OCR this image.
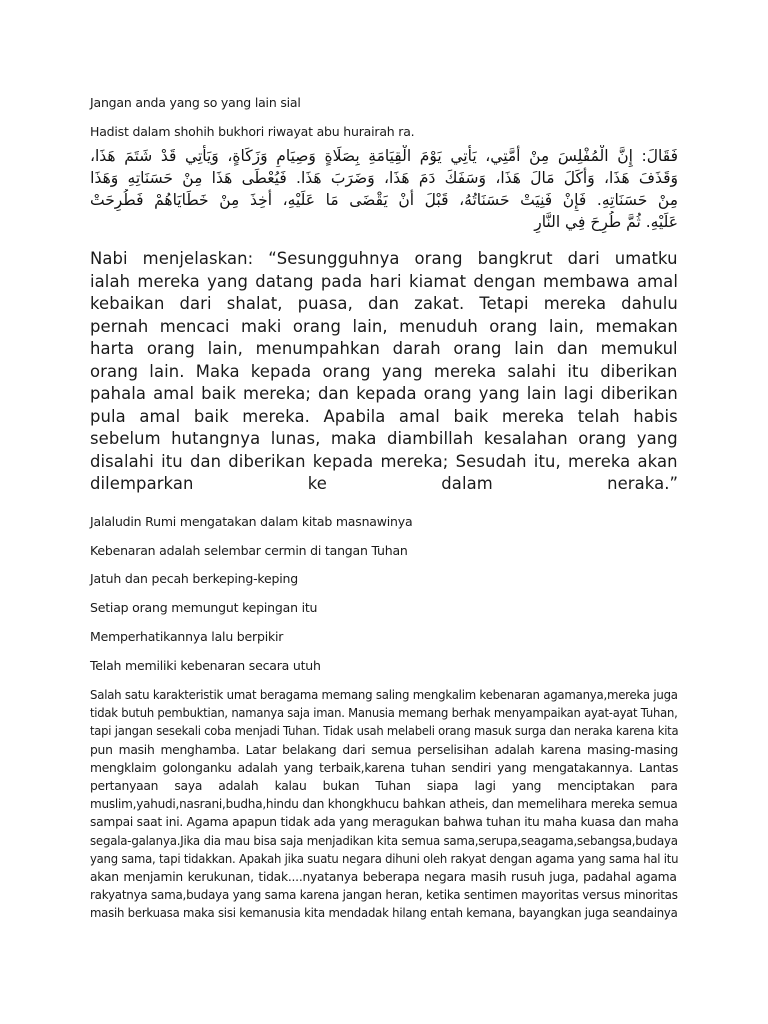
Jangan anda yang so yang lain sial
Hadist dalam shohih bukhori riwayat abu hurairah ra.
فَقَالَ: إِنَّ الْمُفْلِسَ مِنْ أُمَّتِي، يَأْتِي يَوْمَ الْقِيَامَةِ بِصَلَاةٍ وَصِيَامٍ وَزَكَاةٍ، وَيَأْتِي قَدْ شَتَمَ هَذَا،
وَقَذَفَ هَذَا، وَأَكَلَ مَالَ هَذَا، وَسَفَكَ دَمَ هَذَا، وَضَرَبَ هَذَا. فَيُعْطَى هَذَا مِنْ حَسَنَاتِهِ وَهَذَا
مِنْ حَسَنَاتِهِ. فَإِنْ فَنِيَتْ حَسَنَاتُهُ، قَبْلَ أَنْ يَقْضَى مَا عَلَيْهِ، أُخِذَ مِنْ خَطَايَاهُمْ فَطُرِحَتْ
عَلَيْهِ. ثُمَّ طُرِحَ فِي النَّارِ
Nabi menjelaskan: “Sesungguhnya orang bangkrut dari umatku
ialah mereka yang datang pada hari kiamat dengan membawa amal
kebaikan dari shalat, puasa, dan zakat. Tetapi mereka dahulu
pernah mencaci maki orang lain, menuduh orang lain, memakan
harta orang lain, menumpahkan darah orang lain dan memukul
orang lain. Maka kepada orang yang mereka salahi itu diberikan
pahala amal baik mereka; dan kepada orang yang lain lagi diberikan
pula amal baik mereka. Apabila amal baik mereka telah habis
sebelum hutangnya lunas, maka diambillah kesalahan orang yang
disalahi itu dan diberikan kepada mereka; Sesudah itu, mereka akan
dilemparkan ke dalam neraka.”
Jalaludin Rumi mengatakan dalam kitab masnawinya
Kebenaran adalah selembar cermin di tangan Tuhan
Jatuh dan pecah berkeping-keping
Setiap orang memungut kepingan itu
Memperhatikannya lalu berpikir
Telah memiliki kebenaran secara utuh
Salah satu karakteristik umat beragama memang saling mengkalim kebenaran agamanya,mereka juga
tidak butuh pembuktian, namanya saja iman. Manusia memang berhak menyampaikan ayat-ayat Tuhan,
tapi jangan sesekali coba menjadi Tuhan. Tidak usah melabeli orang masuk surga dan neraka karena kita
pun masih menghamba. Latar belakang dari semua perselisihan adalah karena masing-masing
mengklaim golonganku adalah yang terbaik,karena tuhan sendiri yang mengatakannya. Lantas
pertanyaan saya adalah kalau bukan Tuhan siapa lagi yang menciptakan para
muslim,yahudi,nasrani,budha,hindu dan khongkhucu bahkan atheis, dan memelihara mereka semua
sampai saat ini. Agama apapun tidak ada yang meragukan bahwa tuhan itu maha kuasa dan maha
segala-galanya.Jika dia mau bisa saja menjadikan kita semua sama,serupa,seagama,sebangsa,budaya
yang sama, tapi tidakkan. Apakah jika suatu negara dihuni oleh rakyat dengan agama yang sama hal itu
akan menjamin kerukunan, tidak....nyatanya beberapa negara masih rusuh juga, padahal agama
rakyatnya sama,budaya yang sama karena jangan heran, ketika sentimen mayoritas versus minoritas
masih berkuasa maka sisi kemanusia kita mendadak hilang entah kemana, bayangkan juga seandainya
